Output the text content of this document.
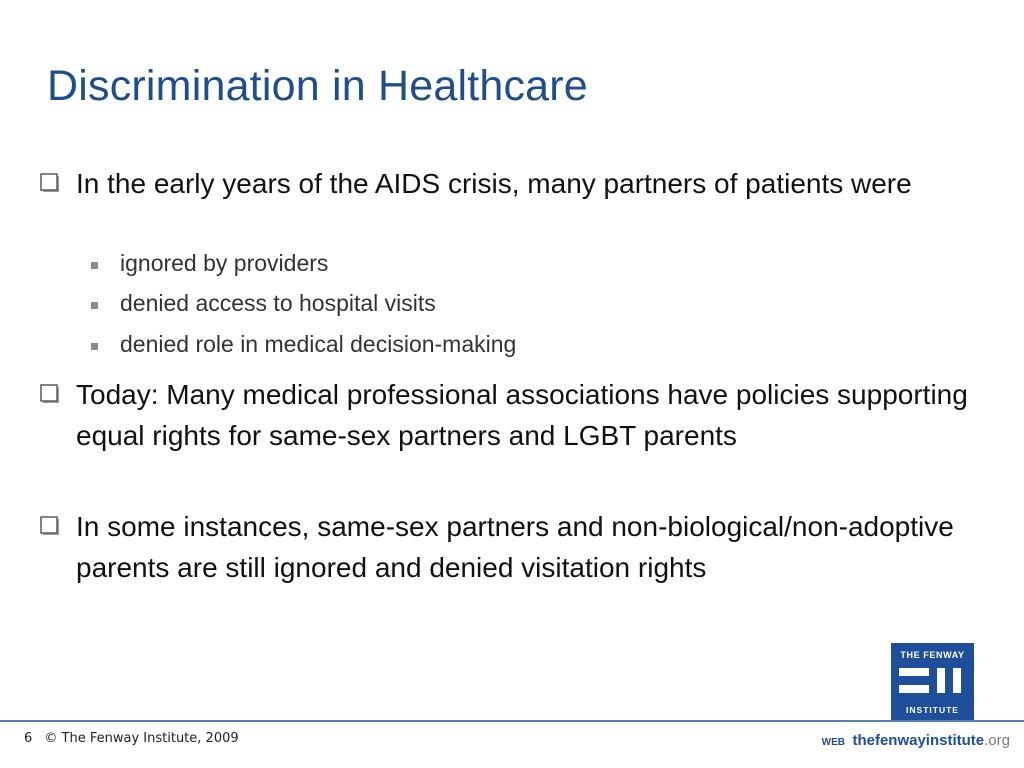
Discrimination in Healthcare
In the early years of the AIDS crisis, many partners of patients were
ignored by providers
denied access to hospital visits
denied role in medical decision-making
Today: Many medical professional associations have policies supporting equal rights for same-sex partners and LGBT parents
In some instances, same-sex partners and non-biological/non-adoptive parents are still ignored and denied visitation rights
THE FENWAY
INSTITUTE
6 © The Fenway Institute, 2009	WEB thefenwayinstitute.org
